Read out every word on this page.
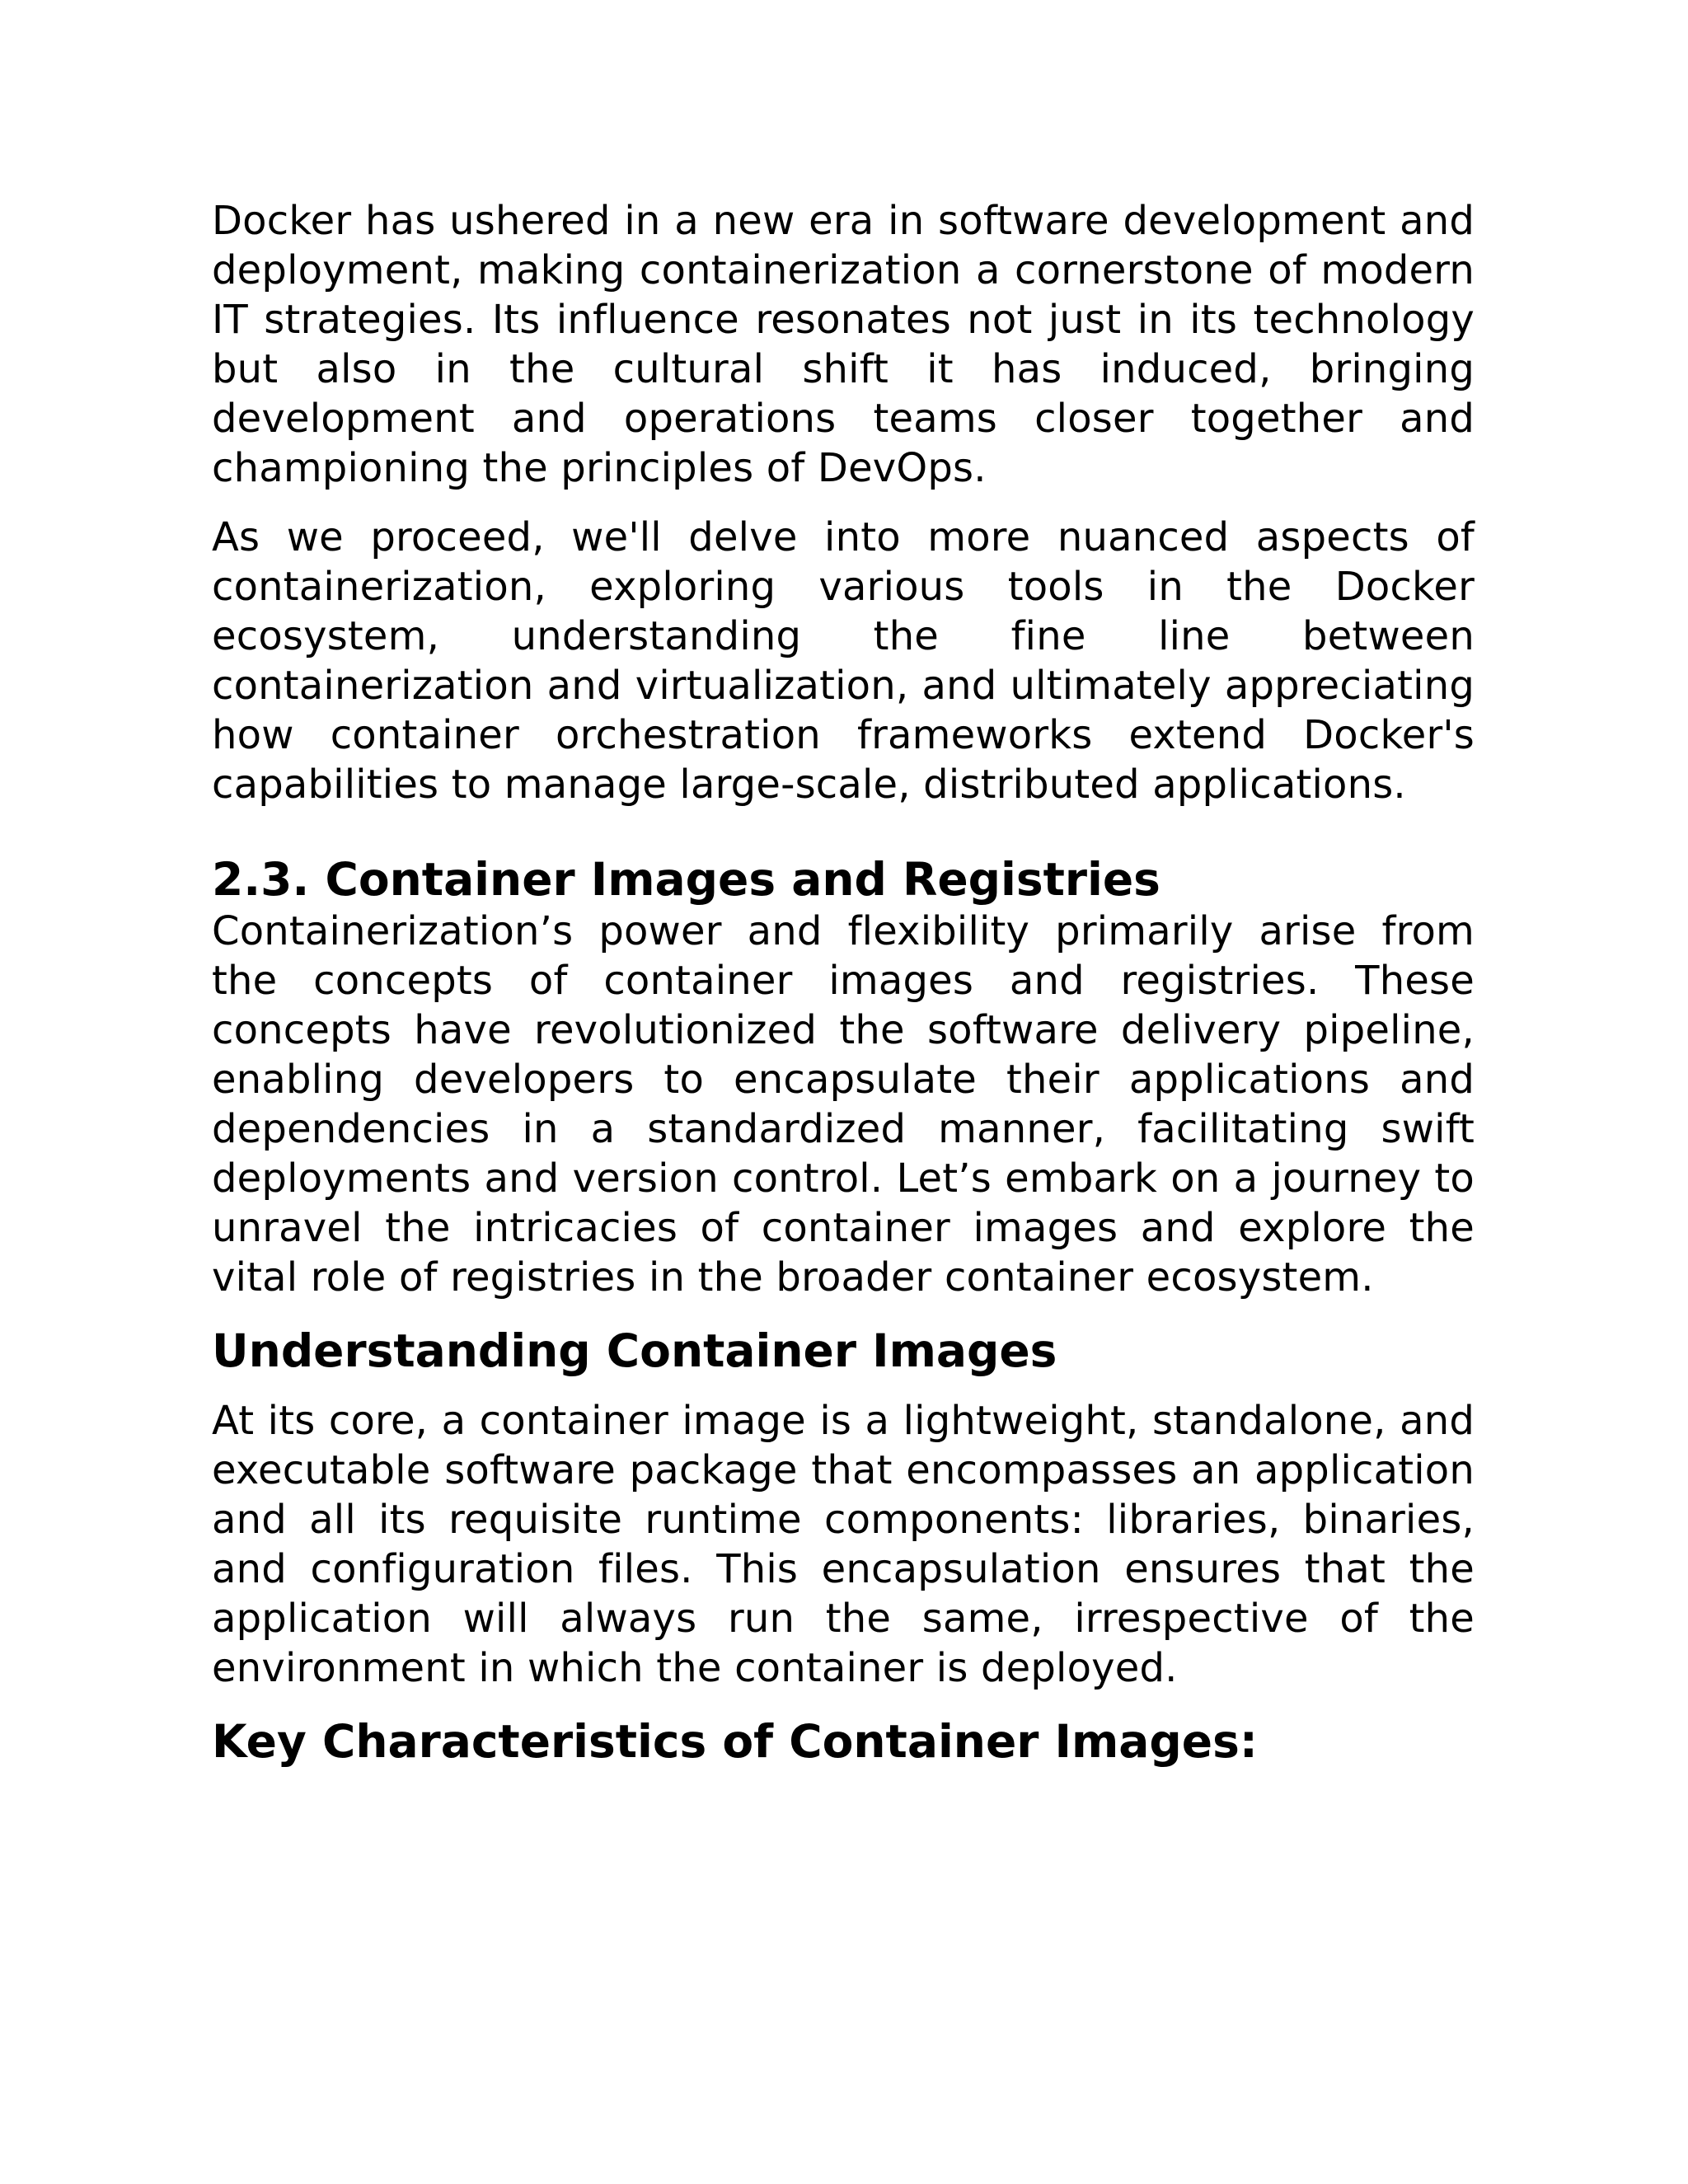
Docker has ushered in a new era in software development and deployment, making containerization a cornerstone of modern IT strategies. Its influence resonates not just in its technology but also in the cultural shift it has induced, bringing development and operations teams closer together and championing the principles of DevOps.

As we proceed, we'll delve into more nuanced aspects of containerization, exploring various tools in the Docker ecosystem, understanding the fine line between containerization and virtualization, and ultimately appreciating how container orchestration frameworks extend Docker's capabilities to manage large-scale, distributed applications.

2.3. Container Images and Registries

Containerization’s power and flexibility primarily arise from the concepts of container images and registries. These concepts have revolutionized the software delivery pipeline, enabling developers to encapsulate their applications and dependencies in a standardized manner, facilitating swift deployments and version control. Let’s embark on a journey to unravel the intricacies of container images and explore the vital role of registries in the broader container ecosystem.

Understanding Container Images

At its core, a container image is a lightweight, standalone, and executable software package that encompasses an application and all its requisite runtime components: libraries, binaries, and configuration files. This encapsulation ensures that the application will always run the same, irrespective of the environment in which the container is deployed.

Key Characteristics of Container Images:
